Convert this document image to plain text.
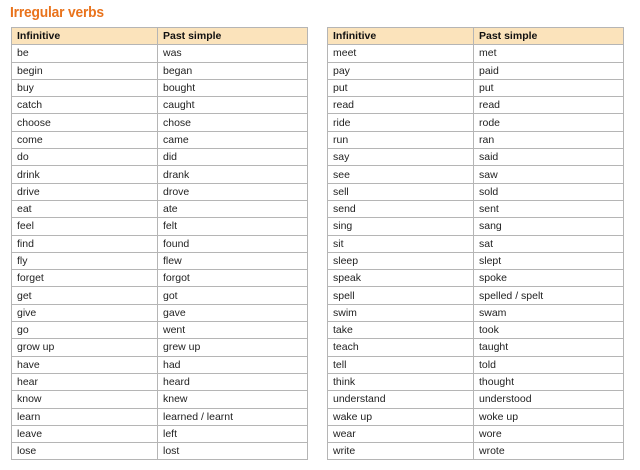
Irregular verbs
Infinitive	Past simple
be	was
begin	began
buy	bought
catch	caught
choose	chose
come	came
do	did
drink	drank
drive	drove
eat	ate
feel	felt
find	found
fly	flew
forget	forgot
get	got
give	gave
go	went
grow up	grew up
have	had
hear	heard
know	knew
learn	learned / learnt
leave	left
lose	lost
Infinitive	Past simple
meet	met
pay	paid
put	put
read	read
ride	rode
run	ran
say	said
see	saw
sell	sold
send	sent
sing	sang
sit	sat
sleep	slept
speak	spoke
spell	spelled / spelt
swim	swam
take	took
teach	taught
tell	told
think	thought
understand	understood
wake up	woke up
wear	wore
write	wrote
